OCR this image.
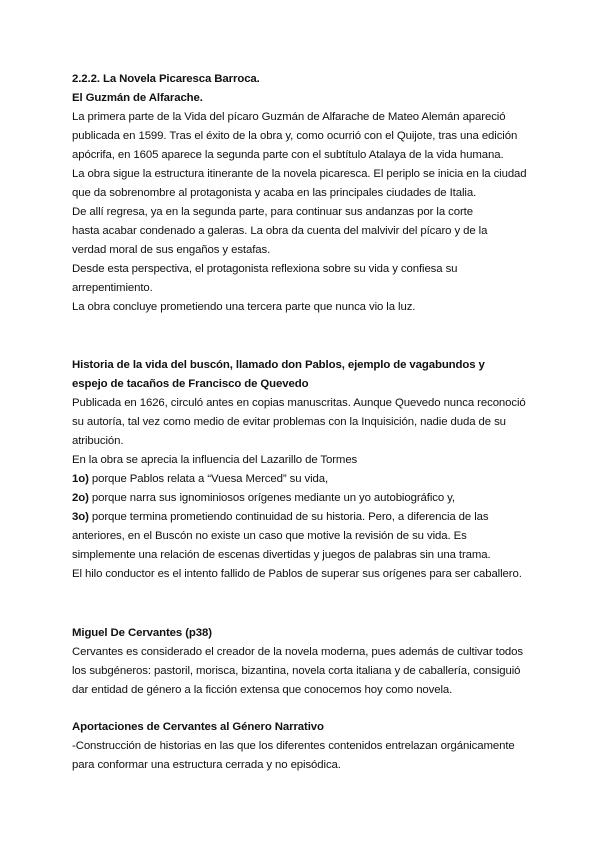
2.2.2. La Novela Picaresca Barroca.
El Guzmán de Alfarache.
La primera parte de la Vida del pícaro Guzmán de Alfarache de Mateo Alemán apareció
publicada en 1599. Tras el éxito de la obra y, como ocurrió con el Quijote, tras una edición
apócrifa, en 1605 aparece la segunda parte con el subtítulo Atalaya de la vida humana.
La obra sigue la estructura itinerante de la novela picaresca. El periplo se inicia en la ciudad
que da sobrenombre al protagonista y acaba en las principales ciudades de Italia.
De allí regresa, ya en la segunda parte, para continuar sus andanzas por la corte
hasta acabar condenado a galeras. La obra da cuenta del malvivir del pícaro y de la
verdad moral de sus engaños y estafas.
Desde esta perspectiva, el protagonista reflexiona sobre su vida y confiesa su
arrepentimiento.
La obra concluye prometiendo una tercera parte que nunca vio la luz.
Historia de la vida del buscón, llamado don Pablos, ejemplo de vagabundos y
espejo de tacaños de Francisco de Quevedo
Publicada en 1626, circuló antes en copias manuscritas. Aunque Quevedo nunca reconoció
su autoría, tal vez como medio de evitar problemas con la Inquisición, nadie duda de su
atribución.
En la obra se aprecia la influencia del Lazarillo de Tormes
1o) porque Pablos relata a “Vuesa Merced” su vida,
2o) porque narra sus ignominiosos orígenes mediante un yo autobiográfico y,
3o) porque termina prometiendo continuidad de su historia. Pero, a diferencia de las
anteriores, en el Buscón no existe un caso que motive la revisión de su vida. Es
simplemente una relación de escenas divertidas y juegos de palabras sin una trama.
El hilo conductor es el intento fallido de Pablos de superar sus orígenes para ser caballero.
Miguel De Cervantes (p38)
Cervantes es considerado el creador de la novela moderna, pues además de cultivar todos
los subgéneros: pastoril, morisca, bizantina, novela corta italiana y de caballería, consiguió
dar entidad de género a la ficción extensa que conocemos hoy como novela.
Aportaciones de Cervantes al Género Narrativo
-Construcción de historias en las que los diferentes contenidos entrelazan orgánicamente
para conformar una estructura cerrada y no episódica.
